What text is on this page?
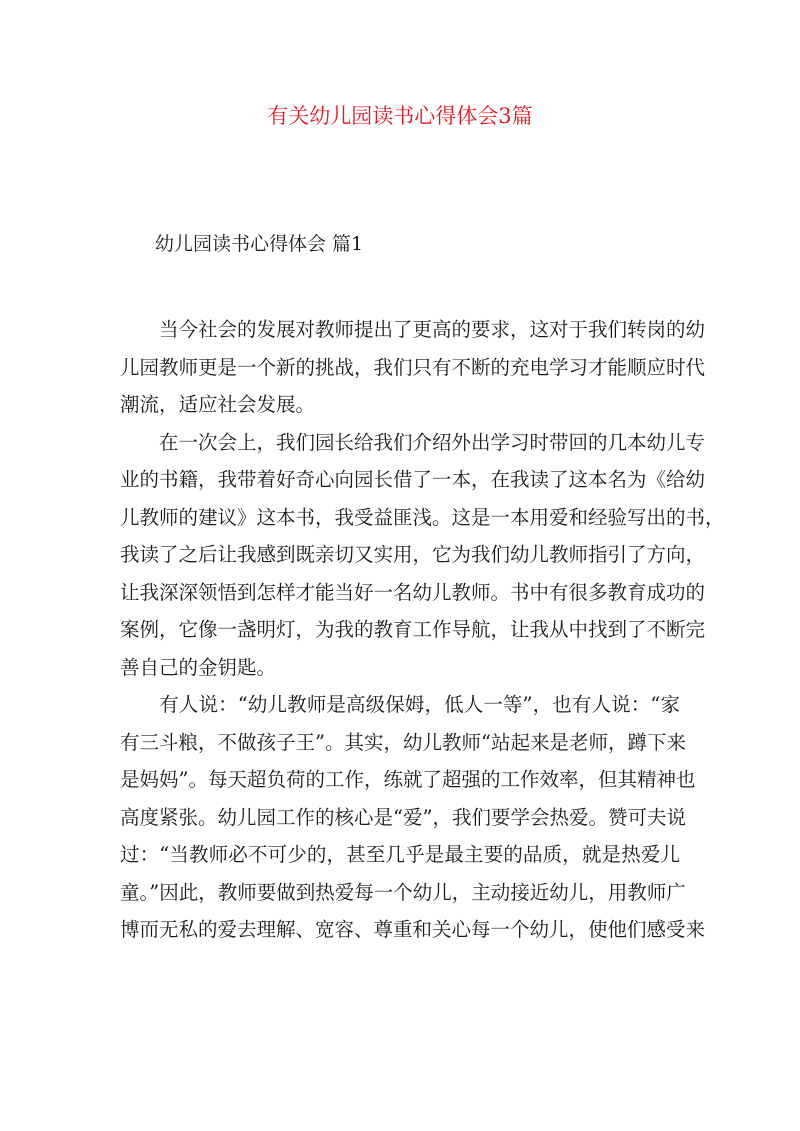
有关幼儿园读书心得体会3篇
幼儿园读书心得体会 篇1

　　当今社会的发展对教师提出了更高的要求，这对于我们转岗的幼
儿园教师更是一个新的挑战，我们只有不断的充电学习才能顺应时代
潮流，适应社会发展。

　　在一次会上，我们园长给我们介绍外出学习时带回的几本幼儿专
业的书籍，我带着好奇心向园长借了一本，在我读了这本名为《给幼
儿教师的建议》这本书，我受益匪浅。这是一本用爱和经验写出的书，
我读了之后让我感到既亲切又实用，它为我们幼儿教师指引了方向，
让我深深领悟到怎样才能当好一名幼儿教师。书中有很多教育成功的
案例，它像一盏明灯，为我的教育工作导航，让我从中找到了不断完
善自己的金钥匙。

　　有人说：“幼儿教师是高级保姆，低人一等”，也有人说：“家
有三斗粮，不做孩子王”。其实，幼儿教师“站起来是老师，蹲下来
是妈妈”。每天超负荷的工作，练就了超强的工作效率，但其精神也
高度紧张。幼儿园工作的核心是“爱”，我们要学会热爱。赞可夫说
过：“当教师必不可少的，甚至几乎是最主要的品质，就是热爱儿
童。”因此，教师要做到热爱每一个幼儿，主动接近幼儿，用教师广
博而无私的爱去理解、宽容、尊重和关心每一个幼儿，使他们感受来
